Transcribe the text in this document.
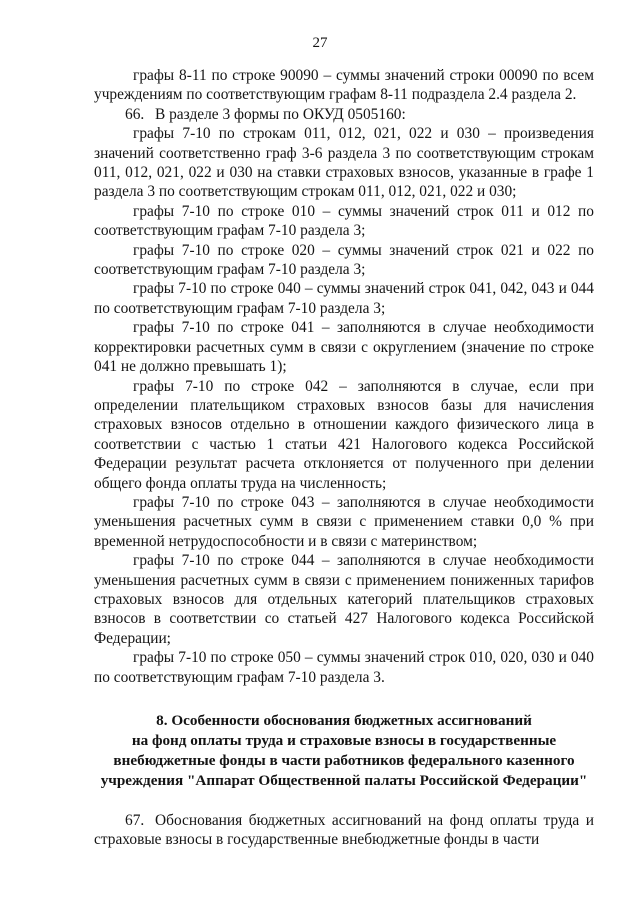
27

графы 8-11 по строке 90090 – суммы значений строки 00090 по всем учреждениям по соответствующим графам 8-11 подраздела 2.4 раздела 2.

66. В разделе 3 формы по ОКУД 0505160:

графы 7-10 по строкам 011, 012, 021, 022 и 030 – произведения значений соответственно граф 3-6 раздела 3 по соответствующим строкам 011, 012, 021, 022 и 030 на ставки страховых взносов, указанные в графе 1 раздела 3 по соответствующим строкам 011, 012, 021, 022 и 030;

графы 7-10 по строке 010 – суммы значений строк 011 и 012 по соответствующим графам 7-10 раздела 3;

графы 7-10 по строке 020 – суммы значений строк 021 и 022 по соответствующим графам 7-10 раздела 3;

графы 7-10 по строке 040 – суммы значений строк 041, 042, 043 и 044 по соответствующим графам 7-10 раздела 3;

графы 7-10 по строке 041 – заполняются в случае необходимости корректировки расчетных сумм в связи с округлением (значение по строке 041 не должно превышать 1);

графы 7-10 по строке 042 – заполняются в случае, если при определении плательщиком страховых взносов базы для начисления страховых взносов отдельно в отношении каждого физического лица в соответствии с частью 1 статьи 421 Налогового кодекса Российской Федерации результат расчета отклоняется от полученного при делении общего фонда оплаты труда на численность;

графы 7-10 по строке 043 – заполняются в случае необходимости уменьшения расчетных сумм в связи с применением ставки 0,0 % при временной нетрудоспособности и в связи с материнством;

графы 7-10 по строке 044 – заполняются в случае необходимости уменьшения расчетных сумм в связи с применением пониженных тарифов страховых взносов для отдельных категорий плательщиков страховых взносов в соответствии со статьей 427 Налогового кодекса Российской Федерации;

графы 7-10 по строке 050 – суммы значений строк 010, 020, 030 и 040 по соответствующим графам 7-10 раздела 3.

8. Особенности обоснования бюджетных ассигнований
на фонд оплаты труда и страховые взносы в государственные
внебюджетные фонды в части работников федерального казенного
учреждения "Аппарат Общественной палаты Российской Федерации"

67. Обоснования бюджетных ассигнований на фонд оплаты труда и страховые взносы в государственные внебюджетные фонды в части
